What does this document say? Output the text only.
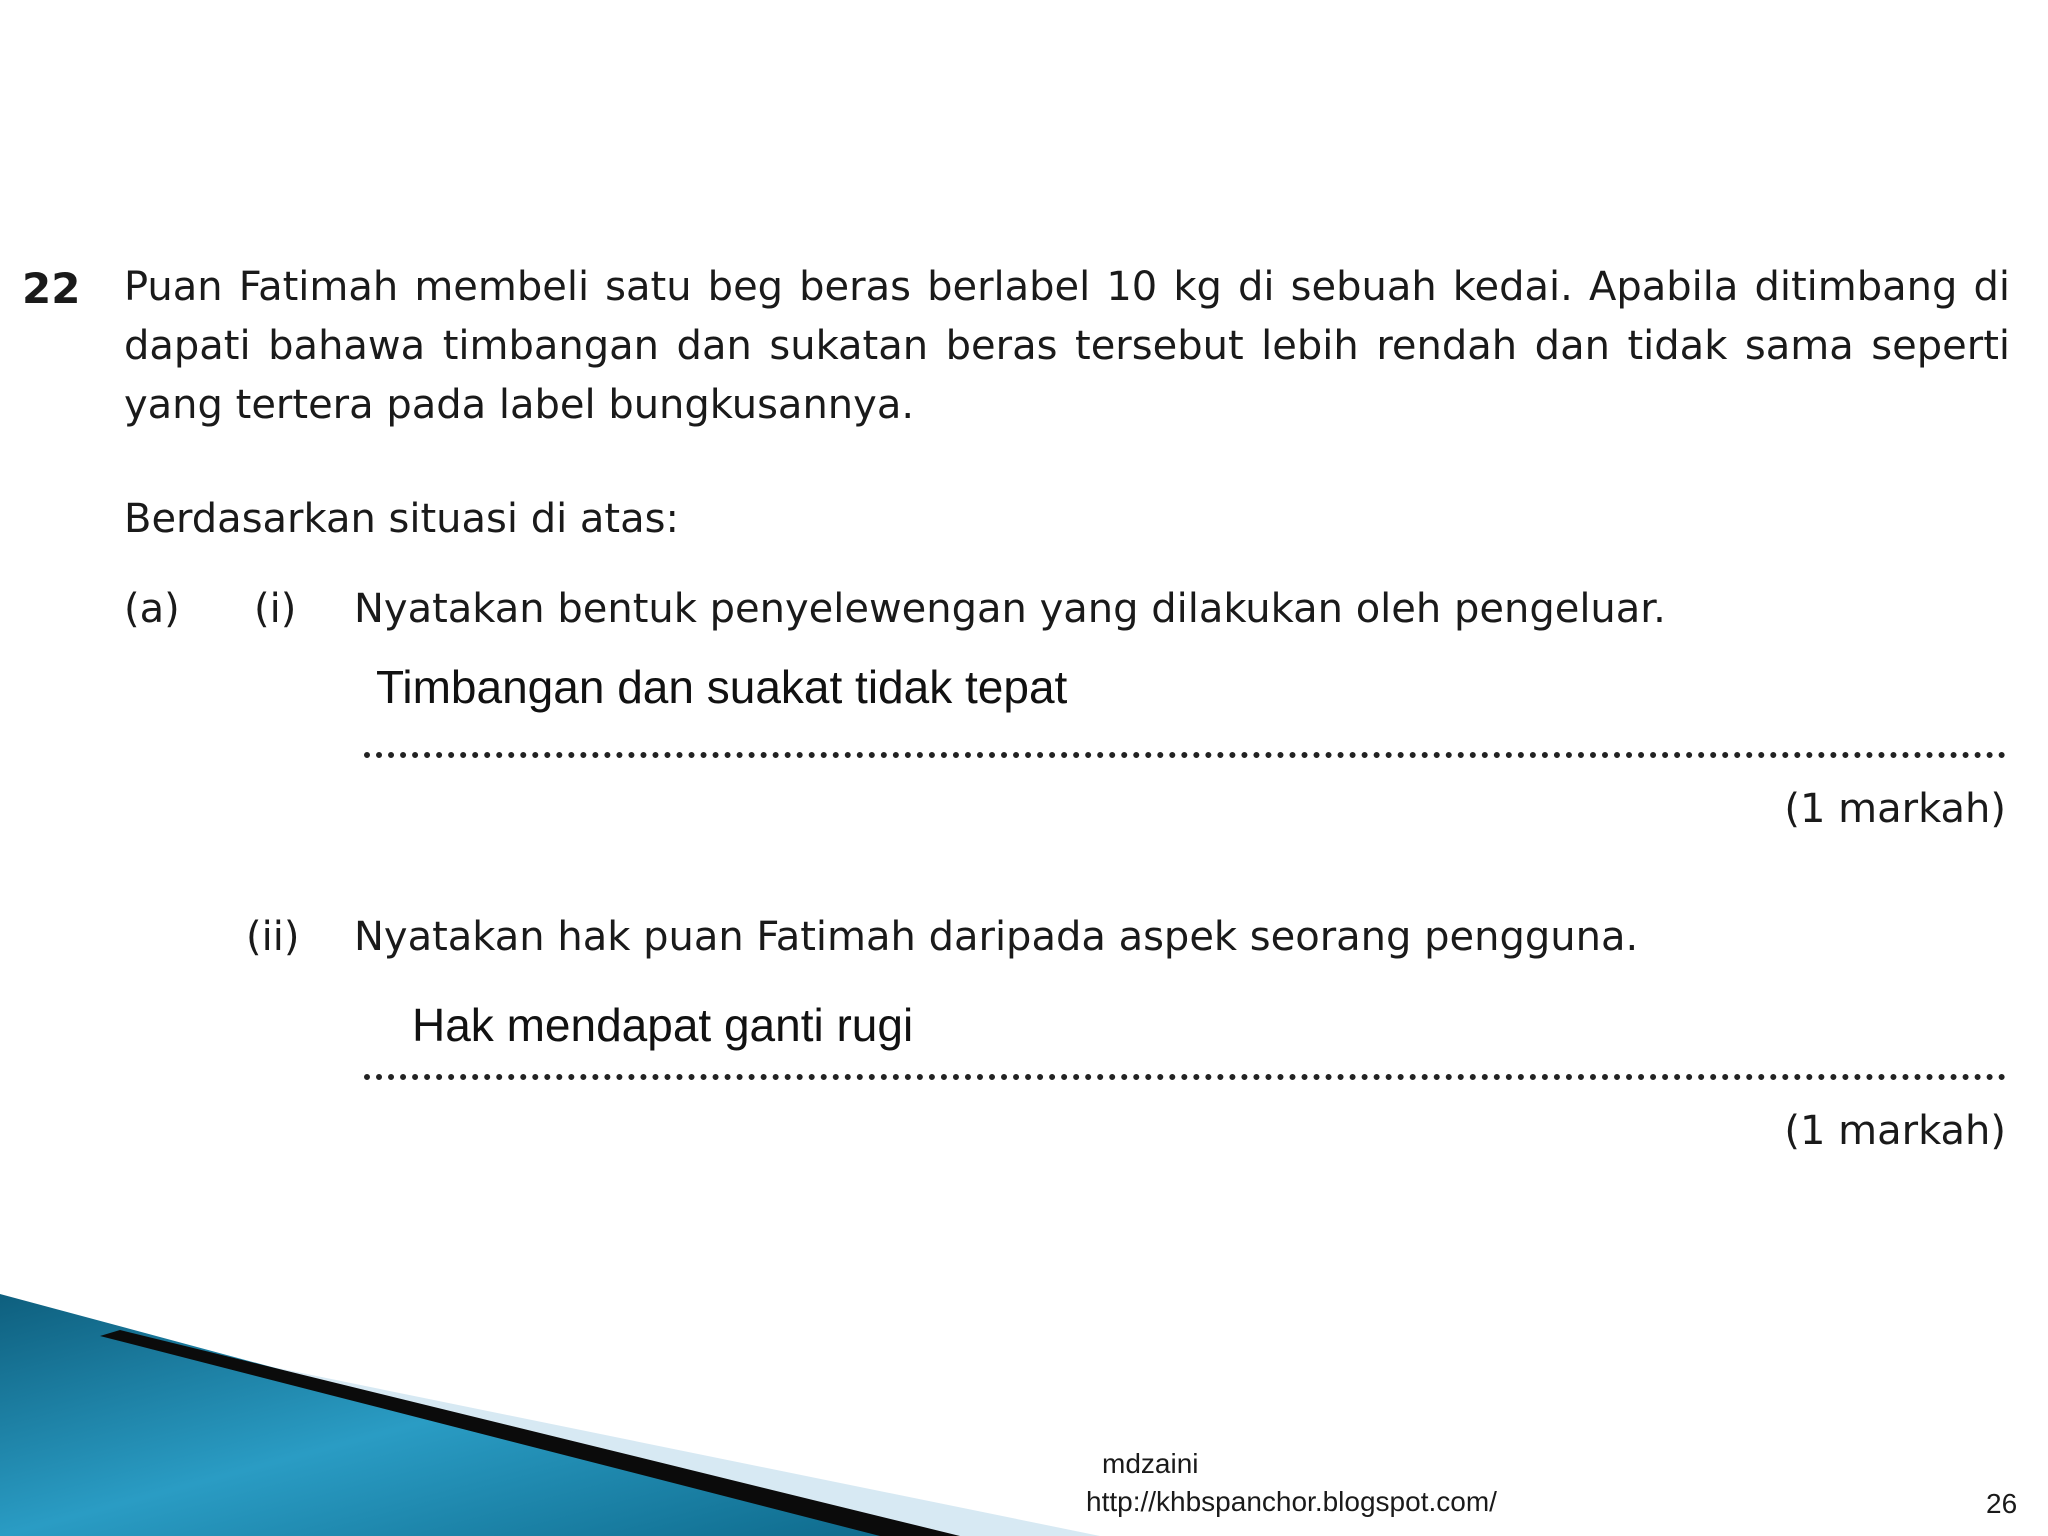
22 Puan Fatimah membeli satu beg beras berlabel 10 kg di sebuah kedai. Apabila ditimbang di dapati bahawa timbangan dan sukatan beras tersebut lebih rendah dan tidak sama seperti yang tertera pada label bungkusannya.
Berdasarkan situasi di atas:
(a) (i) Nyatakan bentuk penyelewengan yang dilakukan oleh pengeluar.
Timbangan dan suakat tidak tepat
(1 markah)
(ii) Nyatakan hak puan Fatimah daripada aspek seorang pengguna.
Hak mendapat ganti rugi
(1 markah)
mdzaini
http://khbspanchor.blogspot.com/	26
